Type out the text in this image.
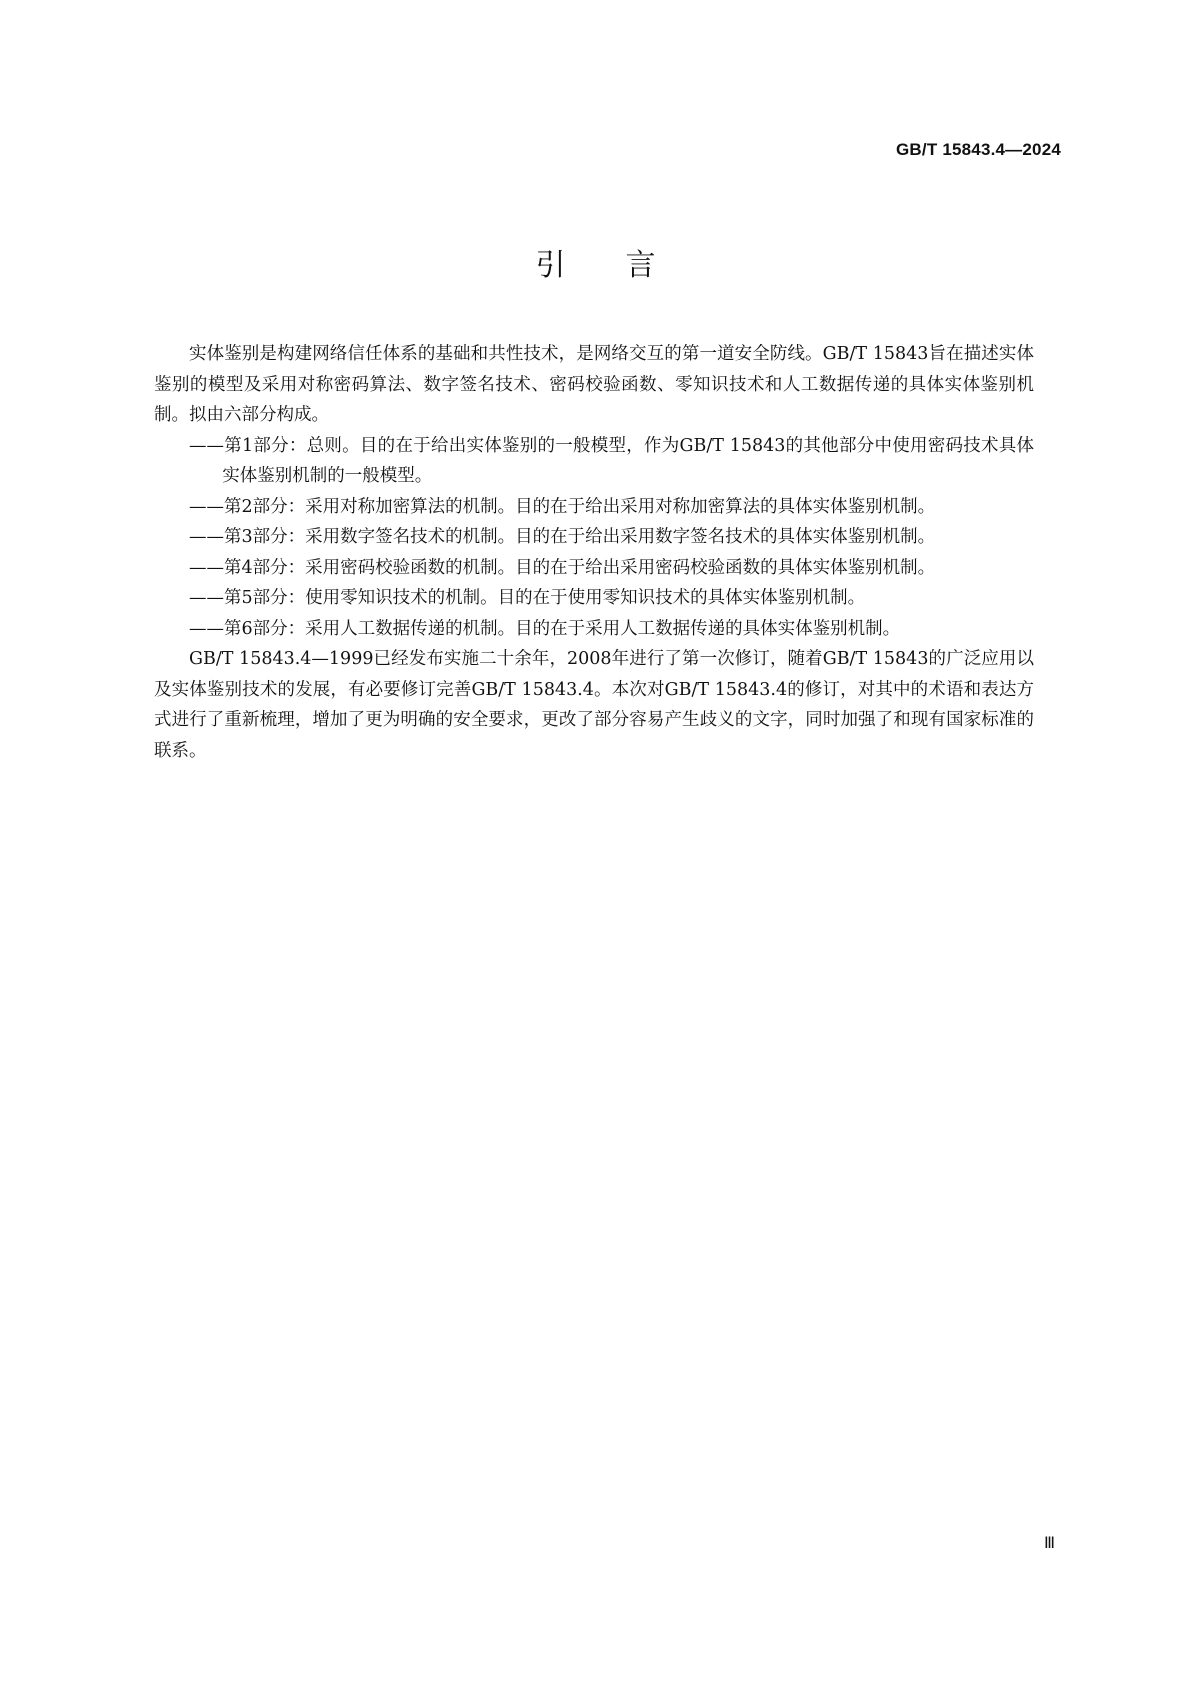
GB/T 15843.4—2024
引言

实体鉴别是构建网络信任体系的基础和共性技术，是网络交互的第一道安全防线。GB/T 15843旨在描述实体鉴别的模型及采用对称密码算法、数字签名技术、密码校验函数、零知识技术和人工数据传递的具体实体鉴别机制。拟由六部分构成。

——第1部分：总则。目的在于给出实体鉴别的一般模型，作为GB/T 15843的其他部分中使用密码技术具体实体鉴别机制的一般模型。

——第2部分：采用对称加密算法的机制。目的在于给出采用对称加密算法的具体实体鉴别机制。

——第3部分：采用数字签名技术的机制。目的在于给出采用数字签名技术的具体实体鉴别机制。

——第4部分：采用密码校验函数的机制。目的在于给出采用密码校验函数的具体实体鉴别机制。

——第5部分：使用零知识技术的机制。目的在于使用零知识技术的具体实体鉴别机制。

——第6部分：采用人工数据传递的机制。目的在于采用人工数据传递的具体实体鉴别机制。

GB/T 15843.4—1999已经发布实施二十余年，2008年进行了第一次修订，随着GB/T 15843的广泛应用以及实体鉴别技术的发展，有必要修订完善GB/T 15843.4。本次对GB/T 15843.4的修订，对其中的术语和表达方式进行了重新梳理，增加了更为明确的安全要求，更改了部分容易产生歧义的文字，同时加强了和现有国家标准的联系。

Ⅲ
